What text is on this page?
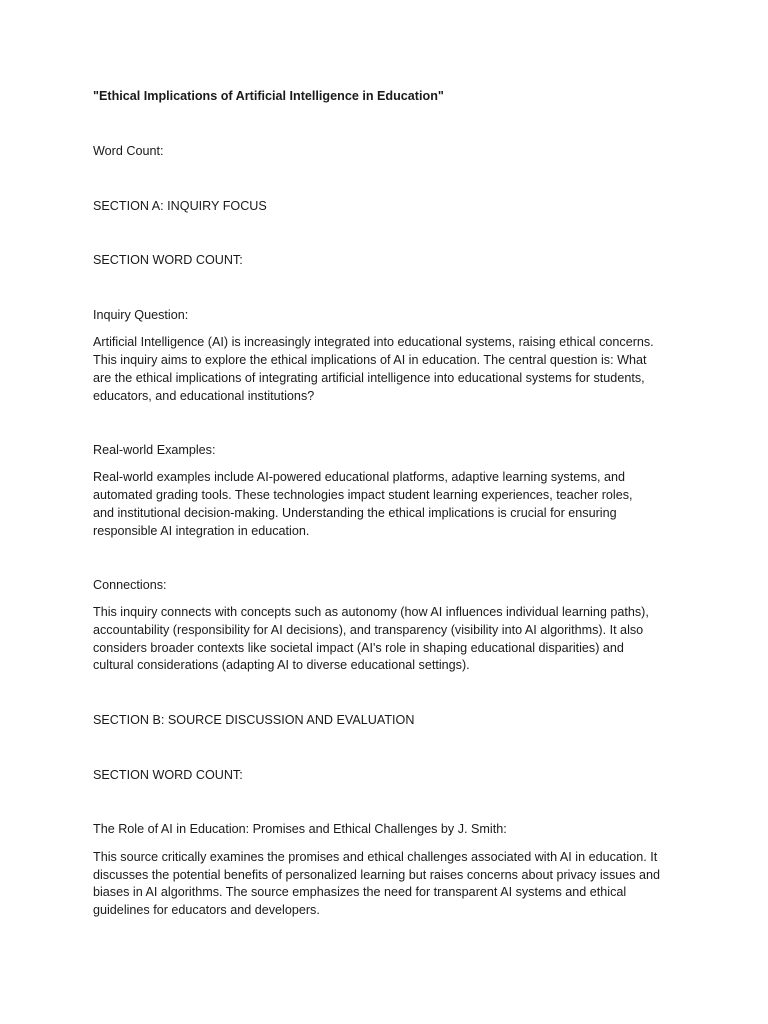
"Ethical Implications of Artificial Intelligence in Education"

Word Count:

SECTION A: INQUIRY FOCUS

SECTION WORD COUNT:

Inquiry Question:

Artificial Intelligence (AI) is increasingly integrated into educational systems, raising ethical concerns.

This inquiry aims to explore the ethical implications of AI in education. The central question is: What

are the ethical implications of integrating artificial intelligence into educational systems for students,

educators, and educational institutions?

Real-world Examples:

Real-world examples include AI-powered educational platforms, adaptive learning systems, and

automated grading tools. These technologies impact student learning experiences, teacher roles,

and institutional decision-making. Understanding the ethical implications is crucial for ensuring

responsible AI integration in education.

Connections:

This inquiry connects with concepts such as autonomy (how AI influences individual learning paths),

accountability (responsibility for AI decisions), and transparency (visibility into AI algorithms). It also

considers broader contexts like societal impact (AI's role in shaping educational disparities) and

cultural considerations (adapting AI to diverse educational settings).

SECTION B: SOURCE DISCUSSION AND EVALUATION

SECTION WORD COUNT:

The Role of AI in Education: Promises and Ethical Challenges by J. Smith:

This source critically examines the promises and ethical challenges associated with AI in education. It

discusses the potential benefits of personalized learning but raises concerns about privacy issues and

biases in AI algorithms. The source emphasizes the need for transparent AI systems and ethical

guidelines for educators and developers.
